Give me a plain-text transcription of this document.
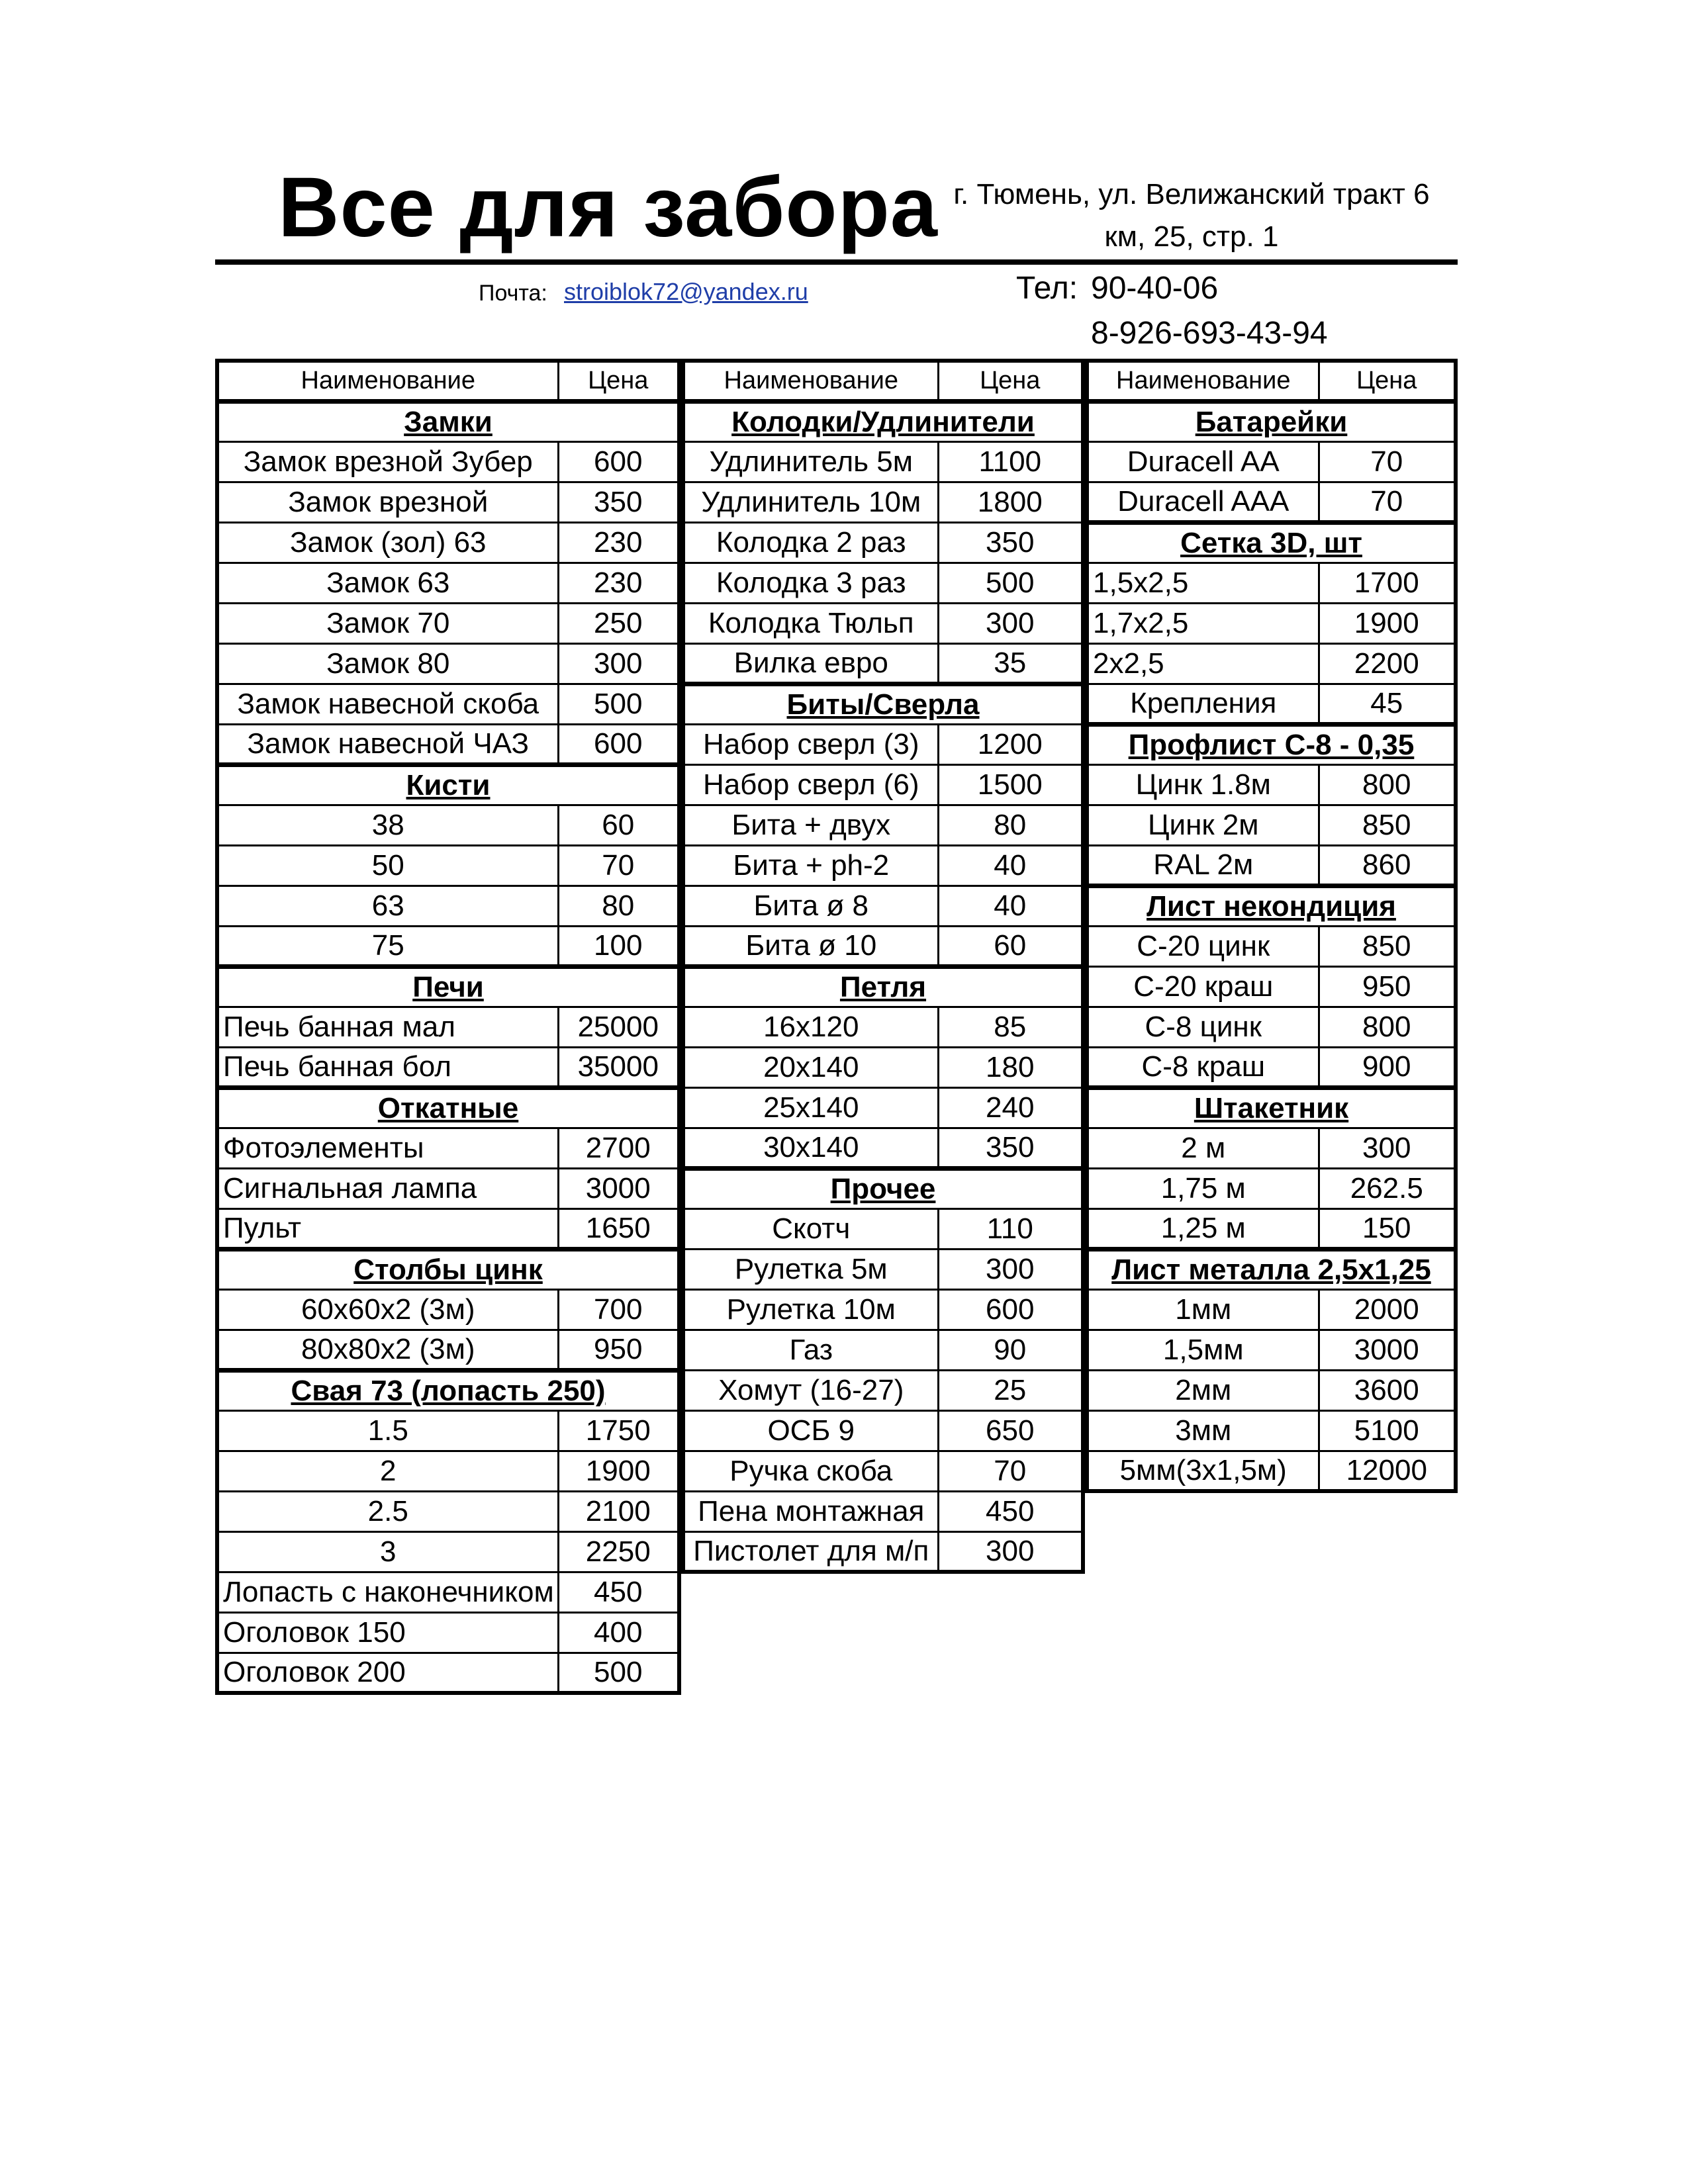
Все для забора г. Тюмень, ул. Велижанский тракт 6
км, 25, стр. 1
Почта: stroiblok72@yandex.ru	Тел: 90-40-06
8-926-693-43-94
Наименование	Цена
Замки	
Замок врезной Зубер	600
Замок врезной	350
Замок (зол) 63	230
Замок 63	230
Замок 70	250
Замок 80	300
Замок навесной скоба	500
Замок навесной ЧАЗ	600
Кисти	
38	60
50	70
63	80
75	100
Печи	
Печь банная мал	25000
Печь банная бол	35000
Откатные	
Фотоэлементы	2700
Сигнальная лампа	3000
Пульт	1650
Столбы цинк	
60х60х2 (3м)	700
80х80х2 (3м)	950
Свая 73 (лопасть 250)	
1.5	1750
2	1900
2.5	2100
3	2250
Лопасть с наконечником	450
Оголовок 150	400
Оголовок 200	500
Наименование	Цена
Колодки/Удлинители	
Удлинитель 5м	1100
Удлинитель 10м	1800
Колодка 2 раз	350
Колодка 3 раз	500
Колодка Тюльп	300
Вилка евро	35
Биты/Сверла	
Набор сверл (3)	1200
Набор сверл (6)	1500
Бита + двух	80
Бита + ph-2	40
Бита ø 8	40
Бита ø 10	60
Петля	
16х120	85
20х140	180
25х140	240
30х140	350
Прочее	
Скотч	110
Рулетка 5м	300
Рулетка 10м	600
Газ	90
Хомут (16-27)	25
ОСБ 9	650
Ручка скоба	70
Пена монтажная	450
Пистолет для м/п	300
Наименование	Цена
Батарейки	
Duracell AA	70
Duracell AAA	70
Сетка 3D, шт	
1,5х2,5	1700
1,7х2,5	1900
2х2,5	2200
Крепления	45
Профлист С-8 - 0,35	
Цинк 1.8м	800
Цинк 2м	850
RAL 2м	860
Лист некондиция	
С-20 цинк	850
С-20 краш	950
С-8 цинк	800
С-8 краш	900
Штакетник	
2 м	300
1,75 м	262.5
1,25 м	150
Лист металла 2,5х1,25	
1мм	2000
1,5мм	3000
2мм	3600
3мм	5100
5мм(3х1,5м)	12000
